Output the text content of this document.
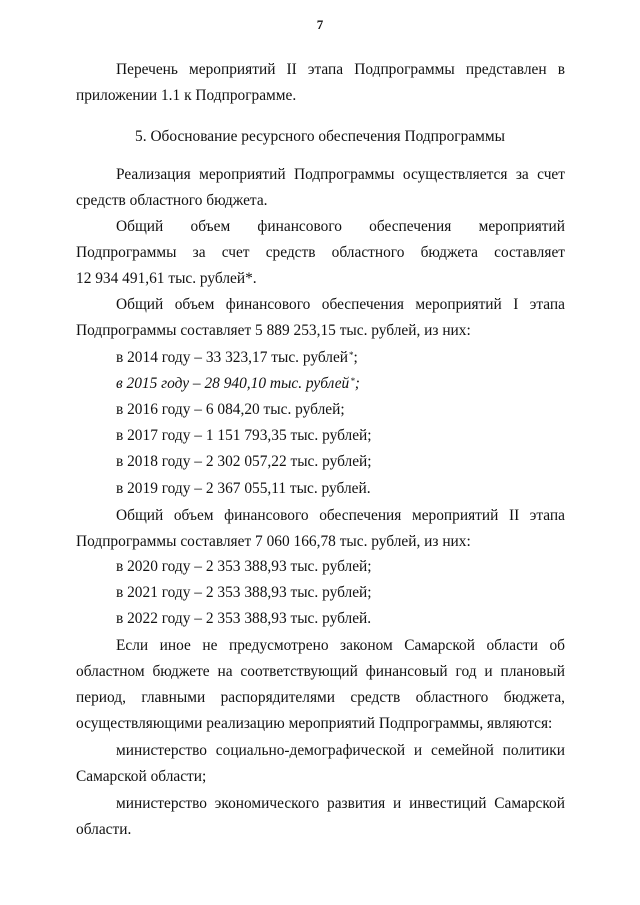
7
Перечень мероприятий II этапа Подпрограммы представлен в
приложении 1.1 к Подпрограмме.
5. Обоснование ресурсного обеспечения Подпрограммы
Реализация мероприятий Подпрограммы осуществляется за счет
средств областного бюджета.
Общий объем финансового обеспечения мероприятий
Подпрограммы за счет средств областного бюджета составляет
12 934 491,61 тыс. рублей*.
Общий объем финансового обеспечения мероприятий I этапа
Подпрограммы составляет 5 889 253,15 тыс. рублей, из них:
в 2014 году – 33 323,17 тыс. рублей*;
в 2015 году – 28 940,10 тыс. рублей*;
в 2016 году – 6 084,20 тыс. рублей;
в 2017 году – 1 151 793,35 тыс. рублей;
в 2018 году – 2 302 057,22 тыс. рублей;
в 2019 году – 2 367 055,11 тыс. рублей.
Общий объем финансового обеспечения мероприятий II этапа
Подпрограммы составляет 7 060 166,78 тыс. рублей, из них:
в 2020 году – 2 353 388,93 тыс. рублей;
в 2021 году – 2 353 388,93 тыс. рублей;
в 2022 году – 2 353 388,93 тыс. рублей.
Если иное не предусмотрено законом Самарской области об
областном бюджете на соответствующий финансовый год и плановый
период, главными распорядителями средств областного бюджета,
осуществляющими реализацию мероприятий Подпрограммы, являются:
министерство социально-демографической и семейной политики
Самарской области;
министерство экономического развития и инвестиций Самарской
области.
